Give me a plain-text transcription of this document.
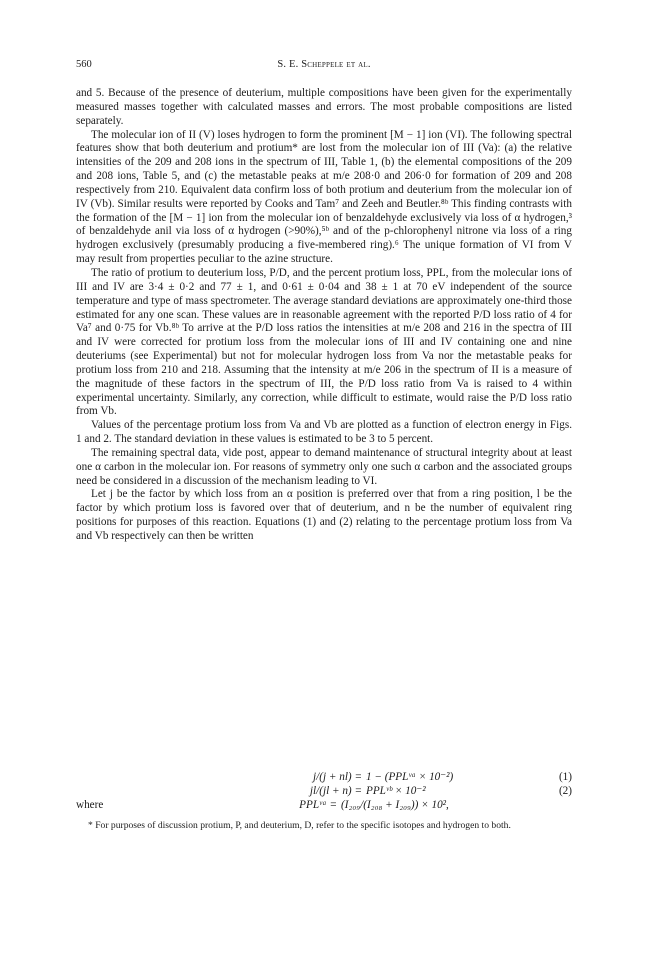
560	S. E. Scheppele et al.

and 5. Because of the presence of deuterium, multiple compositions have been given for the experimentally measured masses together with calculated masses and errors. The most probable compositions are listed separately.

The molecular ion of II (V) loses hydrogen to form the prominent [M − 1] ion (VI). The following spectral features show that both deuterium and protium* are lost from the molecular ion of III (Va): (a) the relative intensities of the 209 and 208 ions in the spectrum of III, Table 1, (b) the elemental compositions of the 209 and 208 ions, Table 5, and (c) the metastable peaks at m/e 208·0 and 206·0 for formation of 209 and 208 respectively from 210. Equivalent data confirm loss of both protium and deuterium from the molecular ion of IV (Vb). Similar results were reported by Cooks and Tam⁷ and Zeeh and Beutler.⁸ᵇ This finding contrasts with the formation of the [M − 1] ion from the molecular ion of benzaldehyde exclusively via loss of α hydrogen,³ of benzaldehyde anil via loss of α hydrogen (>90%),⁵ᵇ and of the p-chlorophenyl nitrone via loss of a ring hydrogen exclusively (presumably producing a five-membered ring).⁶ The unique formation of VI from V may result from properties peculiar to the azine structure.

The ratio of protium to deuterium loss, P/D, and the percent protium loss, PPL, from the molecular ions of III and IV are 3·4 ± 0·2 and 77 ± 1, and 0·61 ± 0·04 and 38 ± 1 at 70 eV independent of the source temperature and type of mass spectrometer. The average standard deviations are approximately one-third those estimated for any one scan. These values are in reasonable agreement with the reported P/D loss ratio of 4 for Va⁷ and 0·75 for Vb.⁸ᵇ To arrive at the P/D loss ratios the intensities at m/e 208 and 216 in the spectra of III and IV were corrected for protium loss from the molecular ions of III and IV containing one and nine deuteriums (see Experimental) but not for molecular hydrogen loss from Va nor the metastable peaks for protium loss from 210 and 218. Assuming that the intensity at m/e 206 in the spectrum of II is a measure of the magnitude of these factors in the spectrum of III, the P/D loss ratio from Va is raised to 4 within experimental uncertainty. Similarly, any correction, while difficult to estimate, would raise the P/D loss ratio from Vb.

Values of the percentage protium loss from Va and Vb are plotted as a function of electron energy in Figs. 1 and 2. The standard deviation in these values is estimated to be 3 to 5 percent.

The remaining spectral data, vide post, appear to demand maintenance of structural integrity about at least one α carbon in the molecular ion. For reasons of symmetry only one such α carbon and the associated groups need be considered in a discussion of the mechanism leading to VI.

Let j be the factor by which loss from an α position is preferred over that from a ring position, l be the factor by which protium loss is favored over that of deuterium, and n be the number of equivalent ring positions for purposes of this reaction. Equations (1) and (2) relating to the percentage protium loss from Va and Vb respectively can then be written

j/(j + nl) = 1 − (PPLᵛᵃ × 10⁻²)	(1)
jl/(jl + n) = PPLᵛᵇ × 10⁻²	(2)
where	PPLᵛᵃ = (I₂₀₉/(I₂₀₈ + I₂₀₉)) × 10²,
* For purposes of discussion protium, P, and deuterium, D, refer to the specific isotopes and hydrogen to both.
